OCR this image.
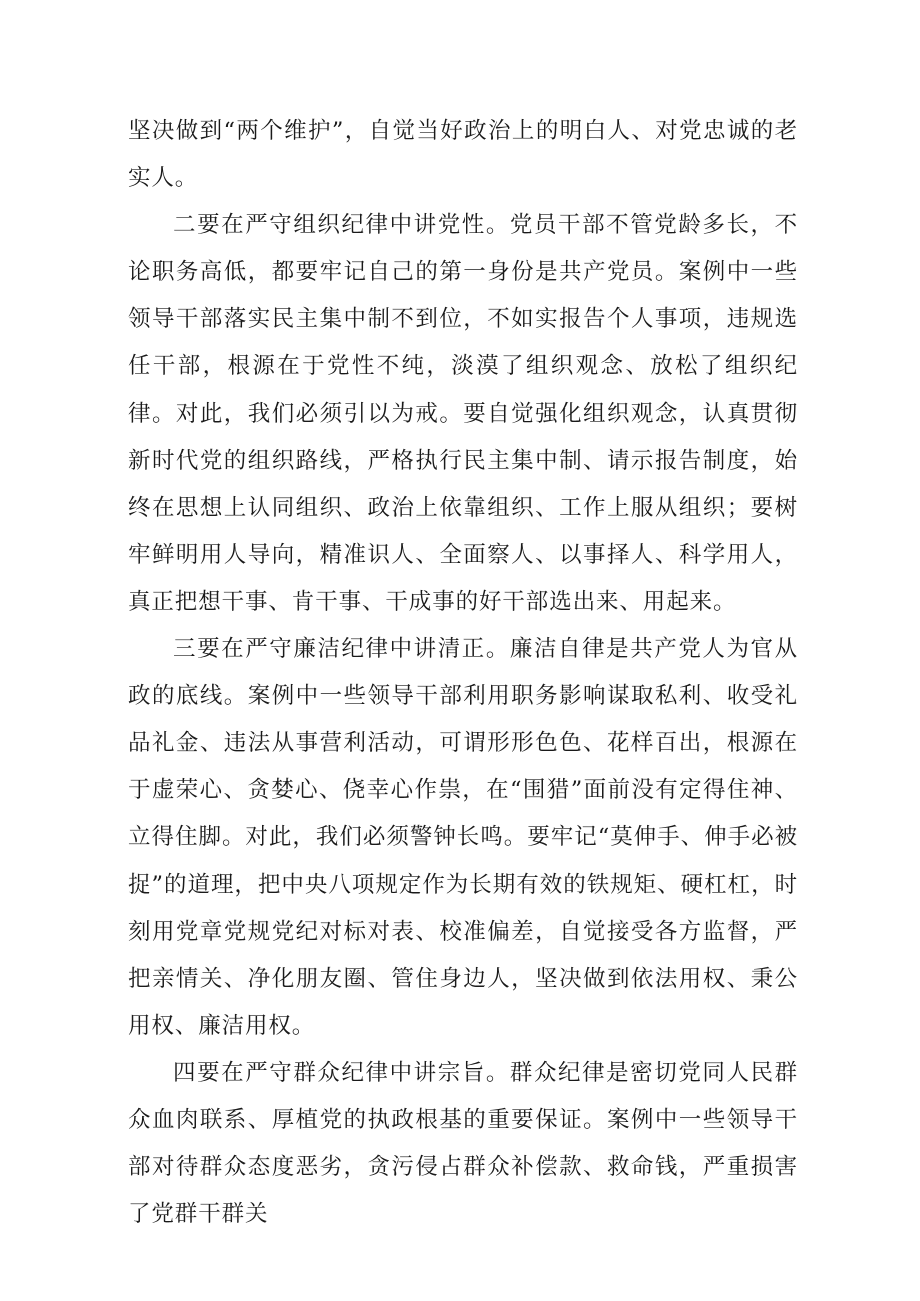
坚决做到“两个维护”，自觉当好政治上的明白人、对党忠诚的老实人。

二要在严守组织纪律中讲党性。党员干部不管党龄多长，不论职务高低，都要牢记自己的第一身份是共产党员。案例中一些领导干部落实民主集中制不到位，不如实报告个人事项，违规选任干部，根源在于党性不纯，淡漠了组织观念、放松了组织纪律。对此，我们必须引以为戒。要自觉强化组织观念，认真贯彻新时代党的组织路线，严格执行民主集中制、请示报告制度，始终在思想上认同组织、政治上依靠组织、工作上服从组织；要树牢鲜明用人导向，精准识人、全面察人、以事择人、科学用人，真正把想干事、肯干事、干成事的好干部选出来、用起来。

三要在严守廉洁纪律中讲清正。廉洁自律是共产党人为官从政的底线。案例中一些领导干部利用职务影响谋取私利、收受礼品礼金、违法从事营利活动，可谓形形色色、花样百出，根源在于虚荣心、贪婪心、侥幸心作祟，在“围猎”面前没有定得住神、立得住脚。对此，我们必须警钟长鸣。要牢记“莫伸手、伸手必被捉”的道理，把中央八项规定作为长期有效的铁规矩、硬杠杠，时刻用党章党规党纪对标对表、校准偏差，自觉接受各方监督，严把亲情关、净化朋友圈、管住身边人，坚决做到依法用权、秉公用权、廉洁用权。

四要在严守群众纪律中讲宗旨。群众纪律是密切党同人民群众血肉联系、厚植党的执政根基的重要保证。案例中一些领导干部对待群众态度恶劣，贪污侵占群众补偿款、救命钱，严重损害了党群干群关
